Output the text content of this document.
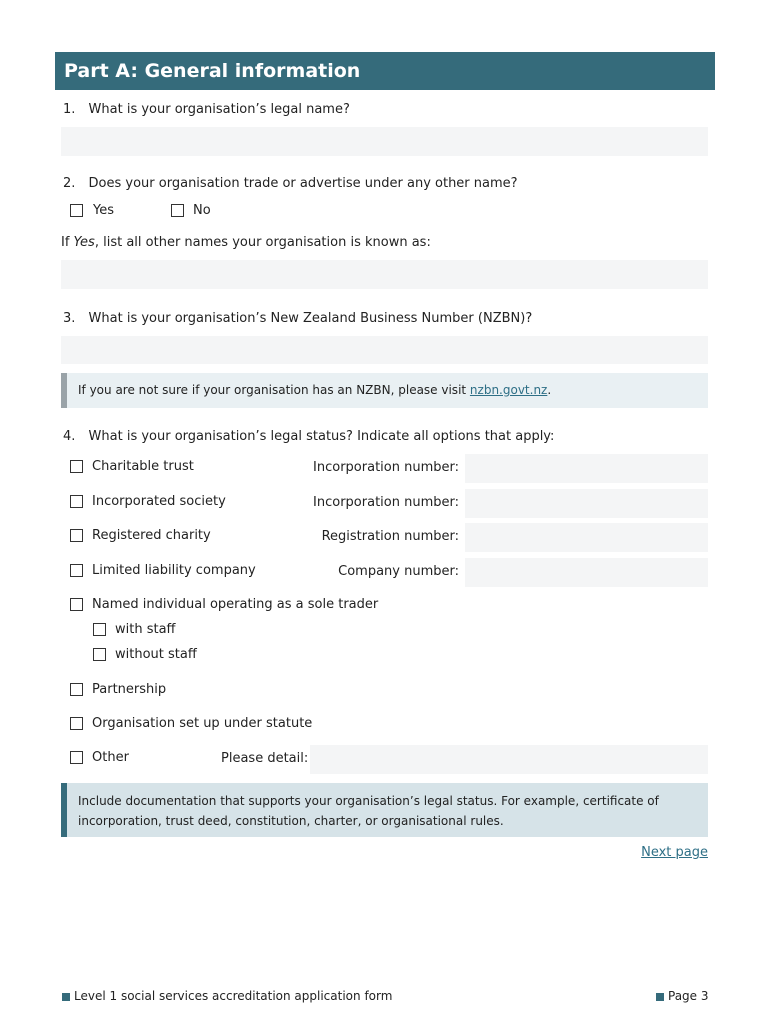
Part A: General information
1. What is your organisation’s legal name?
2. Does your organisation trade or advertise under any other name?
Yes	No
If Yes, list all other names your organisation is known as:
3. What is your organisation’s New Zealand Business Number (NZBN)?
If you are not sure if your organisation has an NZBN, please visit nzbn.govt.nz.
4. What is your organisation’s legal status? Indicate all options that apply:
Charitable trust	Incorporation number:
Incorporated society	Incorporation number:
Registered charity	Registration number:
Limited liability company	Company number:
Named individual operating as a sole trader
with staff
without staff
Partnership
Organisation set up under statute
Other	Please detail:
Include documentation that supports your organisation’s legal status. For example, certificate of incorporation, trust deed, constitution, charter, or organisational rules.
Next page
Level 1 social services accreditation application form	Page 3
